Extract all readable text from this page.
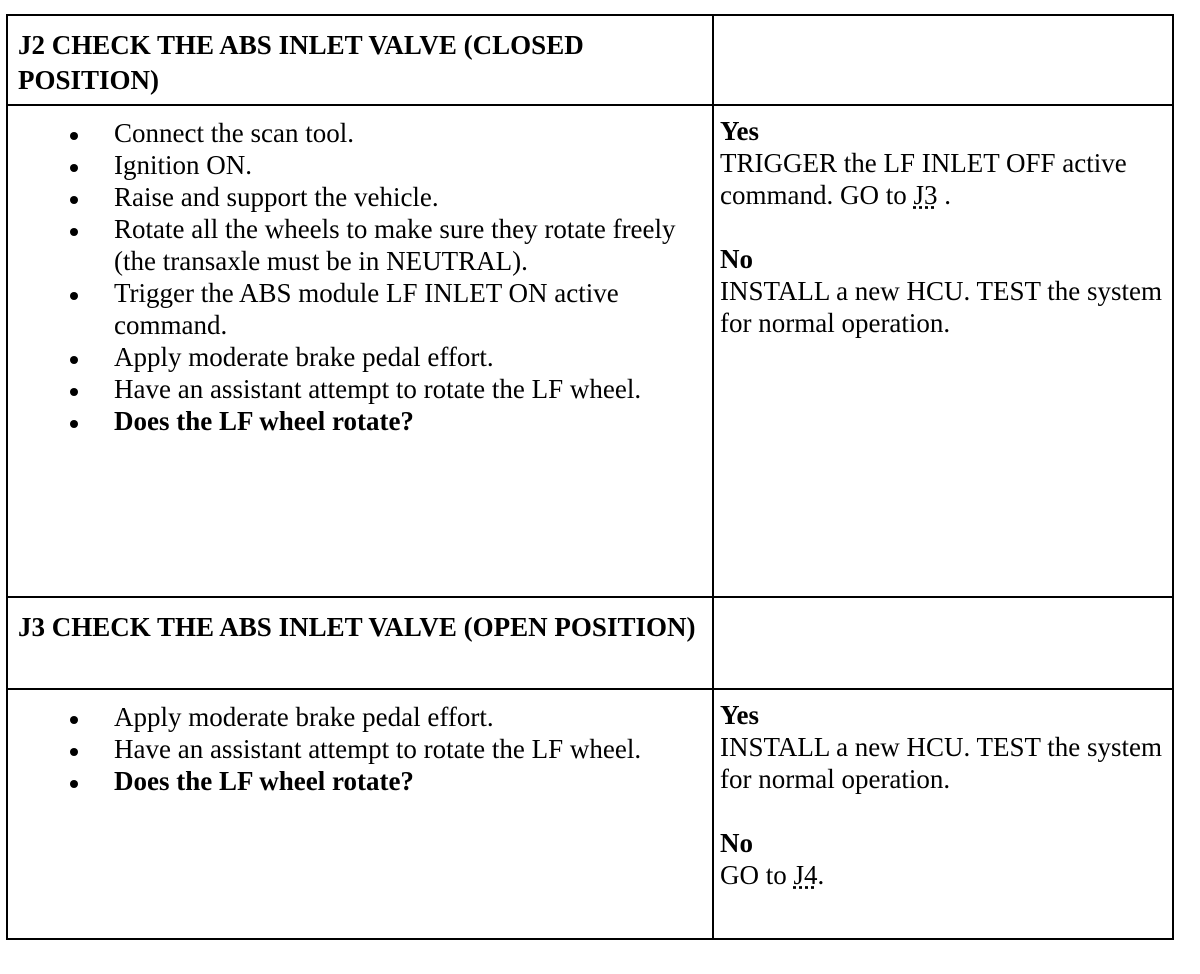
J2 CHECK THE ABS INLET VALVE (CLOSED POSITION)
Connect the scan tool.
Ignition ON.
Raise and support the vehicle.
Rotate all the wheels to make sure they rotate freely (the transaxle must be in NEUTRAL).
Trigger the ABS module LF INLET ON active command.
Apply moderate brake pedal effort.
Have an assistant attempt to rotate the LF wheel.
Does the LF wheel rotate?
Yes
TRIGGER the LF INLET OFF active command. GO to J3 .
No
INSTALL a new HCU. TEST the system for normal operation.
J3 CHECK THE ABS INLET VALVE (OPEN POSITION)
Apply moderate brake pedal effort.
Have an assistant attempt to rotate the LF wheel.
Does the LF wheel rotate?
Yes
INSTALL a new HCU. TEST the system for normal operation.
No
GO to J4.
